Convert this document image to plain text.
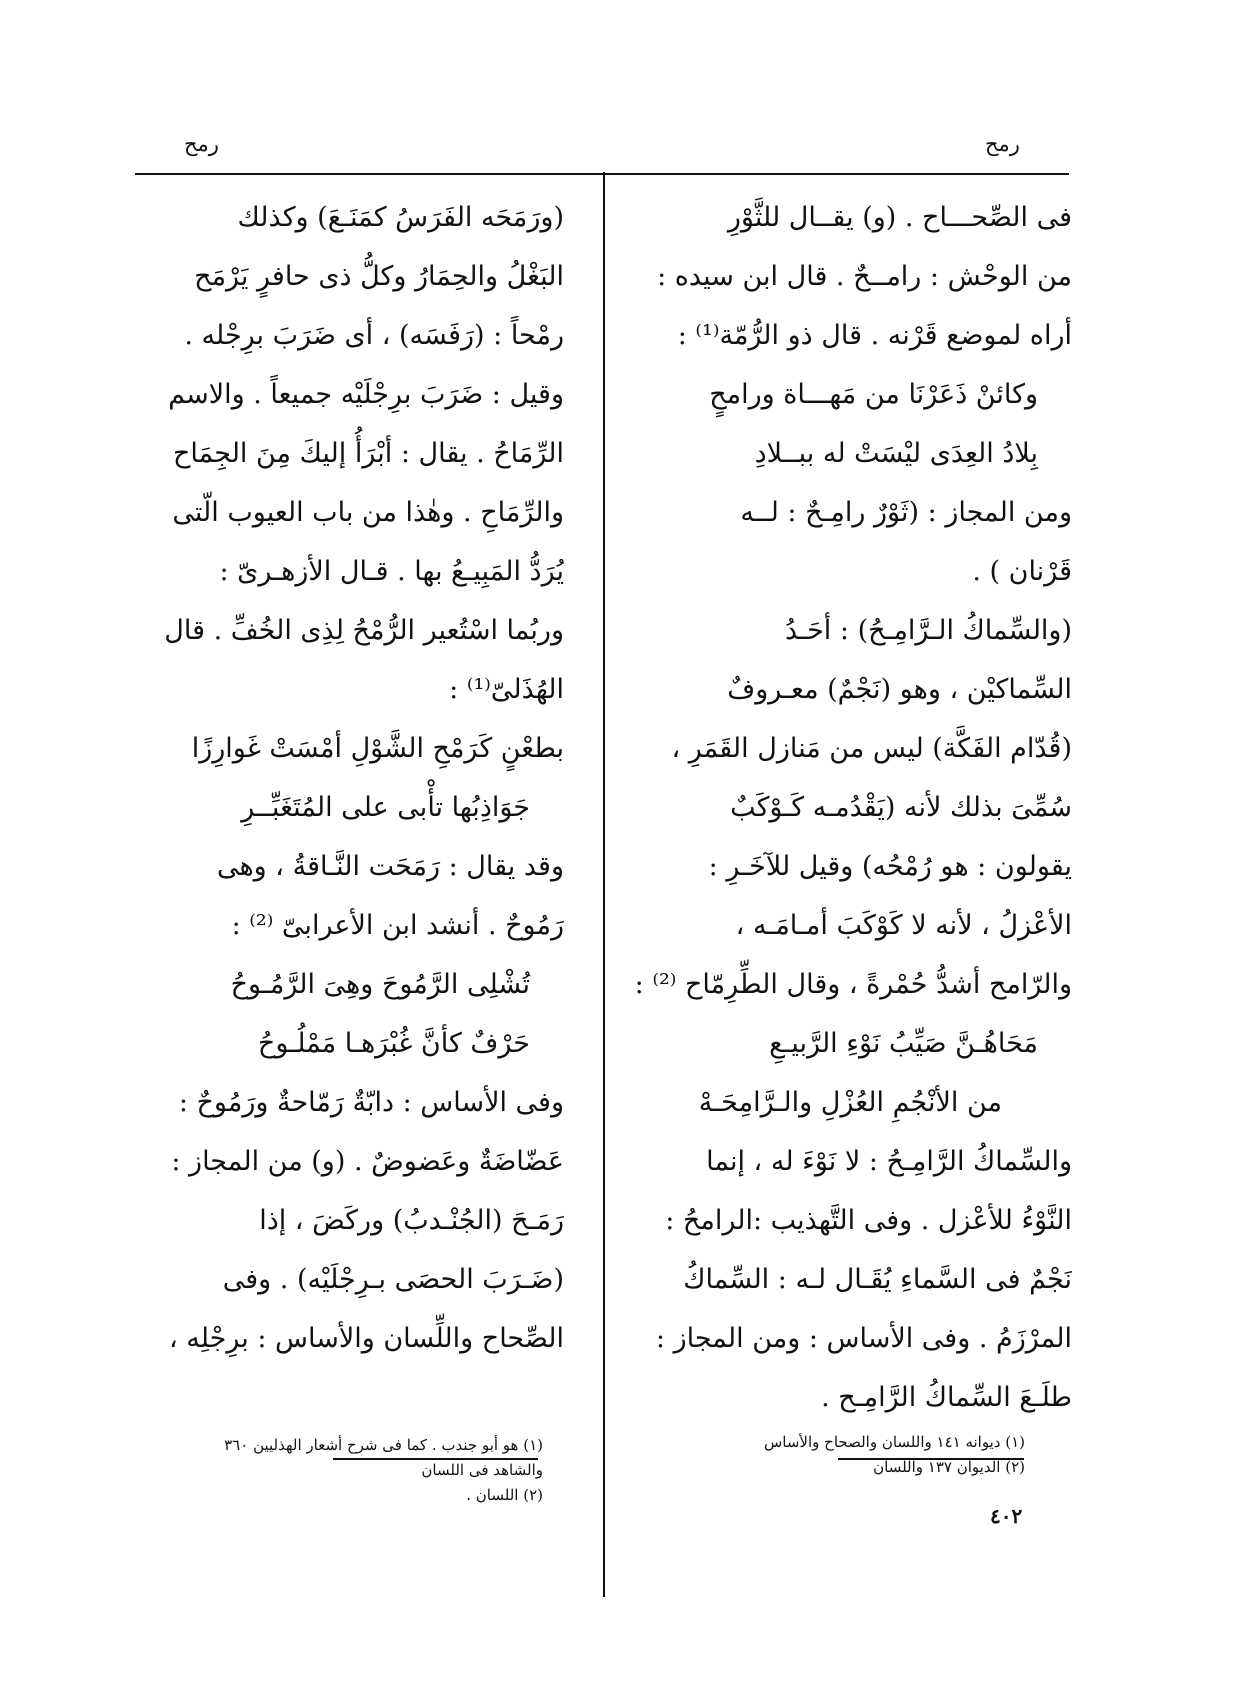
رمح
رمح
فى الصِّحـــاح . (و) يقــال للثَّوْرِ
من الوحْش : رامــحٌ . قال ابن سيده :
أراه لموضع قَرْنه . قال ذو الرُّمّة⁽¹⁾ :
وكائنْ ذَعَرْنَا من مَهـــاة ورامحٍ
بِلادُ العِدَى ليْسَتْ له ببــلادِ
ومن المجاز : (ثَوْرٌ رامِـحٌ : لــه
قَرْنان ) .
(والسِّماكُ الـرَّامِـحُ) : أحَـدُ
السِّماكيْن ، وهو (نَجْمٌ) معـروفٌ
(قُدّام الفَكَّة) ليس من مَنازل القَمَرِ ،
سُمِّىَ بذلك لأنه (يَقْدُمـه كَـوْكَبٌ
يقولون : هو رُمْحُه) وقيل للآخَـرِ :
الأعْزلُ ، لأنه لا كَوْكَبَ أمـامَـه ،
والرّامح أشدُّ حُمْرةً ، وقال الطِّرِمّاح ⁽²⁾ :
مَحَاهُـنَّ صَيِّبُ نَوْءِ الرَّبيـعِ
من الأنْجُمِ العُزْلِ والـرَّامِحَـهْ
والسِّماكُ الرَّامِـحُ : لا نَوْءَ له ، إنما
النَّوْءُ للأعْزل . وفى التَّهذيب :الرامحُ :
نَجْمٌ فى السَّماءِ يُقَـال لـه : السِّماكُ
المرْزَمُ . وفى الأساس : ومن المجاز :
طلَـعَ السِّماكُ الرَّامِـح .
(ورَمَحَه الفَرَسُ كمَنَـعَ) وكذلك
البَغْلُ والحِمَارُ وكلُّ ذى حافرٍ يَرْمَح
رمْحاً : (رَفَسَه) ، أى ضَرَبَ برِجْله .
وقيل : ضَرَبَ برِجْلَيْه جميعاً . والاسم
الرِّمَاحُ . يقال : أبْرَأُ إليكَ مِنَ الجِمَاح
والرِّمَاحِ . وهٰذا من باب العيوب الّتى
يُرَدُّ المَبِيـعُ بها . قـال الأزهـرىّ :
وربُما اسْتُعير الرُّمْحُ لِذِى الخُفِّ . قال
الهُذَلىّ⁽¹⁾ :
بطعْنٍ كَرَمْحِ الشَّوْلِ أمْسَتْ غَوارِزًا
جَوَاذِبُها تأْبى على المُتَغَبِّــرِ
وقد يقال : رَمَحَت النَّـاقةُ ، وهى
رَمُوحٌ . أنشد ابن الأعرابىّ ⁽²⁾ :
تُشْلِى الرَّمُوحَ وهِىَ الرَّمُـوحُ
حَرْفٌ كأنَّ غُبْرَهـا مَمْلُـوحُ
وفى الأساس : دابّةٌ رَمّاحةٌ ورَمُوحٌ :
عَضّاضَةٌ وعَضوضٌ . (و) من المجاز :
رَمَـحَ (الجُنْـدبُ) وركَضَ ، إذا
(ضَـرَبَ الحصَى بـرِجْلَيْه) . وفى
الصِّحاح واللِّسان والأساس : برِجْلِه ،
(١) ديوانه ١٤١ واللسان والصحاح والأساس
(٢) الديوان ١٣٧ واللسان
(١) هو أبو جندب . كما فى شرح أشعار الهذليين ٣٦٠
والشاهد فى اللسان
(٢) اللسان .
٤٠٢
